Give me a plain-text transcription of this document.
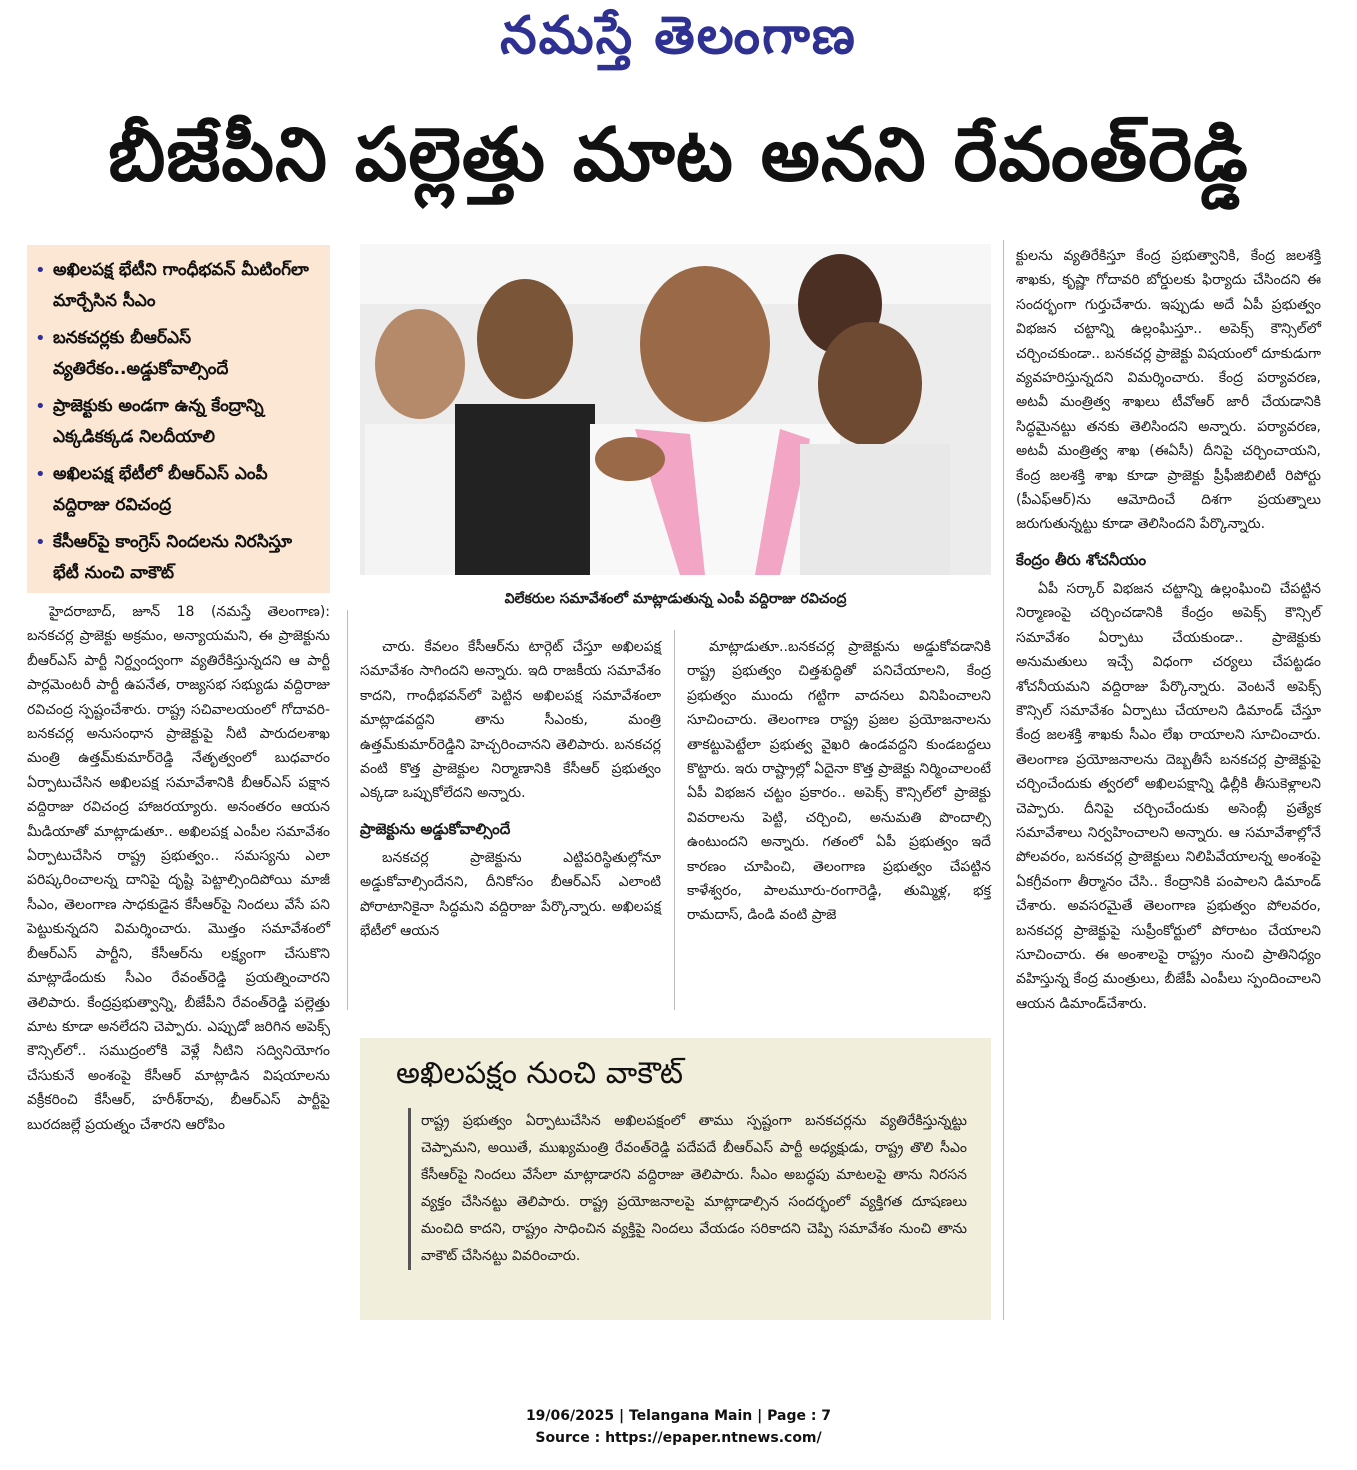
నమస్తే తెలంగాణ
బీజేపీని పల్లెత్తు మాట అనని రేవంత్‌రెడ్డి
• అఖిలపక్ష భేటీని గాంధీభవన్ మీటింగ్‌లా మార్చేసిన సీఎం
• బనకచర్లకు బీఆర్ఎస్ వ్యతిరేకం..అడ్డుకోవాల్సిందే
• ప్రాజెక్టుకు అండగా ఉన్న కేంద్రాన్ని ఎక్కడికక్కడ నిలదీయాలి
• అఖిలపక్ష భేటీలో బీఆర్ఎస్ ఎంపీ వద్దిరాజు రవిచంద్ర
• కేసీఆర్‌పై కాంగ్రెస్ నిందలను నిరసిస్తూ భేటీ నుంచి వాకౌట్
విలేకరుల సమావేశంలో మాట్లాడుతున్న ఎంపీ వద్దిరాజు రవిచంద్ర

హైదరాబాద్, జూన్ 18 (నమస్తే తెలంగాణ): బనకచర్ల ప్రాజెక్టు అక్రమం, అన్యాయమని, ఈ ప్రాజెక్టును బీఆర్ఎస్ పార్టీ నిర్ద్వంద్వంగా వ్యతిరేకిస్తున్నదని ఆ పార్టీ పార్లమెంటరీ పార్టీ ఉపనేత, రాజ్యసభ సభ్యుడు వద్దిరాజు రవిచంద్ర స్పష్టంచేశారు. రాష్ట్ర సచివాలయంలో గోదావరి-బనకచర్ల అనుసంధాన ప్రాజెక్టుపై నీటి పారుదలశాఖ మంత్రి ఉత్తమ్‌కుమార్‌రెడ్డి నేతృత్వంలో బుధవారం ఏర్పాటుచేసిన అఖిలపక్ష సమావేశానికి బీఆర్ఎస్ పక్షాన వద్దిరాజు రవిచంద్ర హాజరయ్యారు. అనంతరం ఆయన మీడియాతో మాట్లాడుతూ.. అఖిలపక్ష ఎంపీల సమావేశం ఏర్పాటుచేసిన రాష్ట్ర ప్రభుత్వం.. సమస్యను ఎలా పరిష్కరించాలన్న దానిపై దృష్టి పెట్టాల్సిందిపోయి మాజీ సీఎం, తెలంగాణ సాధకుడైన కేసీఆర్‌పై నిందలు వేసే పని పెట్టుకున్నదని విమర్శించారు. మొత్తం సమావేశంలో బీఆర్ఎస్ పార్టీని, కేసీఆర్‌ను లక్ష్యంగా చేసుకొని మాట్లాడేందుకు సీఎం రేవంత్‌రెడ్డి ప్రయత్నించారని తెలిపారు. కేంద్రప్రభుత్వాన్ని, బీజేపీని రేవంత్‌రెడ్డి పల్లెత్తు మాట కూడా అనలేదని చెప్పారు. ఎప్పుడో జరిగిన అపెక్స్ కౌన్సిల్‌లో.. సముద్రంలోకి వెళ్లే నీటిని సద్వినియోగం చేసుకునే అంశంపై కేసీఆర్ మాట్లాడిన విషయాలను వక్రీకరించి కేసీఆర్, హరీశ్‌రావు, బీఆర్ఎస్ పార్టీపై బురదజల్లే ప్రయత్నం చేశారని ఆరోపిం

చారు. కేవలం కేసీఆర్‌ను టార్గెట్ చేస్తూ అఖిలపక్ష సమావేశం సాగిందని అన్నారు. ఇది రాజకీయ సమావేశం కాదని, గాంధీభవన్‌లో పెట్టిన అఖిలపక్ష సమావేశంలా మాట్లాడవద్దని తాను సీఎంకు, మంత్రి ఉత్తమ్‌కుమార్‌రెడ్డిని హెచ్చరించానని తెలిపారు. బనకచర్ల వంటి కొత్త ప్రాజెక్టుల నిర్మాణానికి కేసీఆర్ ప్రభుత్వం ఎక్కడా ఒప్పుకోలేదని అన్నారు.

ప్రాజెక్టును అడ్డుకోవాల్సిందే

బనకచర్ల ప్రాజెక్టును ఎట్టిపరిస్థితుల్లోనూ అడ్డుకోవాల్సిందేనని, దీనికోసం బీఆర్ఎస్ ఎలాంటి పోరాటానికైనా సిద్ధమని వద్దిరాజు పేర్కొన్నారు. అఖిలపక్ష భేటీలో ఆయన

మాట్లాడుతూ..బనకచర్ల ప్రాజెక్టును అడ్డుకోవడానికి రాష్ట్ర ప్రభుత్వం చిత్తశుద్ధితో పనిచేయాలని, కేంద్ర ప్రభుత్వం ముందు గట్టిగా వాదనలు వినిపించాలని సూచించారు. తెలంగాణ రాష్ట్ర ప్రజల ప్రయోజనాలను తాకట్టుపెట్టేలా ప్రభుత్వ వైఖరి ఉండవద్దని కుండబద్దలు కొట్టారు. ఇరు రాష్ట్రాల్లో ఏదైనా కొత్త ప్రాజెక్టు నిర్మించాలంటే ఏపీ విభజన చట్టం ప్రకారం.. అపెక్స్ కౌన్సిల్‌లో ప్రాజెక్టు వివరాలను పెట్టి, చర్చించి, అనుమతి పొందాల్సి ఉంటుందని అన్నారు. గతంలో ఏపీ ప్రభుత్వం ఇదే కారణం చూపించి, తెలంగాణ ప్రభుత్వం చేపట్టిన కాళేశ్వరం, పాలమూరు-రంగారెడ్డి, తుమ్మిళ్ల, భక్త రామదాస్, డిండి వంటి ప్రాజె

క్టులను వ్యతిరేకిస్తూ కేంద్ర ప్రభుత్వానికి, కేంద్ర జలశక్తి శాఖకు, కృష్ణా గోదావరి బోర్డులకు ఫిర్యాదు చేసిందని ఈ సందర్భంగా గుర్తుచేశారు. ఇప్పుడు అదే ఏపీ ప్రభుత్వం విభజన చట్టాన్ని ఉల్లంఘిస్తూ.. అపెక్స్ కౌన్సిల్‌లో చర్చించకుండా.. బనకచర్ల ప్రాజెక్టు విషయంలో దూకుడుగా వ్యవహరిస్తున్నదని విమర్శించారు. కేంద్ర పర్యావరణ, అటవీ మంత్రిత్వ శాఖలు టీవోఆర్ జారీ చేయడానికి సిద్ధమైనట్టు తనకు తెలిసిందని అన్నారు. పర్యావరణ, అటవీ మంత్రిత్వ శాఖ (ఈఏసీ) దీనిపై చర్చించాయని, కేంద్ర జలశక్తి శాఖ కూడా ప్రాజెక్టు ప్రీఫీజిబిలిటీ రిపోర్టు (పీఎఫ్ఆర్)ను ఆమోదించే దిశగా ప్రయత్నాలు జరుగుతున్నట్టు కూడా తెలిసిందని పేర్కొన్నారు.

కేంద్రం తీరు శోచనీయం

ఏపీ సర్కార్ విభజన చట్టాన్ని ఉల్లంఘించి చేపట్టిన నిర్మాణంపై చర్చించడానికి కేంద్రం అపెక్స్ కౌన్సిల్ సమావేశం ఏర్పాటు చేయకుండా.. ప్రాజెక్టుకు అనుమతులు ఇచ్చే విధంగా చర్యలు చేపట్టడం శోచనీయమని వద్దిరాజు పేర్కొన్నారు. వెంటనే అపెక్స్ కౌన్సిల్ సమావేశం ఏర్పాటు చేయాలని డిమాండ్ చేస్తూ కేంద్ర జలశక్తి శాఖకు సీఎం లేఖ రాయాలని సూచించారు. తెలంగాణ ప్రయోజనాలను దెబ్బతీసే బనకచర్ల ప్రాజెక్టుపై చర్చించేందుకు త్వరలో అఖిలపక్షాన్ని ఢిల్లీకి తీసుకెళ్లాలని చెప్పారు. దీనిపై చర్చించేందుకు అసెంబ్లీ ప్రత్యేక సమావేశాలు నిర్వహించాలని అన్నారు. ఆ సమావేశాల్లోనే పోలవరం, బనకచర్ల ప్రాజెక్టులు నిలిపివేయాలన్న అంశంపై ఏకగ్రీవంగా తీర్మానం చేసి.. కేంద్రానికి పంపాలని డిమాండ్ చేశారు. అవసరమైతే తెలంగాణ ప్రభుత్వం పోలవరం, బనకచర్ల ప్రాజెక్టుపై సుప్రీంకోర్టులో పోరాటం చేయాలని సూచించారు. ఈ అంశాలపై రాష్ట్రం నుంచి ప్రాతినిధ్యం వహిస్తున్న కేంద్ర మంత్రులు, బీజేపీ ఎంపీలు స్పందించాలని ఆయన డిమాండ్‌చేశారు.

అఖిలపక్షం నుంచి వాకౌట్
రాష్ట్ర ప్రభుత్వం ఏర్పాటుచేసిన అఖిలపక్షంలో తాము స్పష్టంగా బనకచర్లను వ్యతిరేకిస్తున్నట్టు చెప్పామని, అయితే, ముఖ్యమంత్రి రేవంత్‌రెడ్డి పదేపదే బీఆర్ఎస్ పార్టీ అధ్యక్షుడు, రాష్ట్ర తొలి సీఎం కేసీఆర్‌పై నిందలు వేసేలా మాట్లాడారని వద్దిరాజు తెలిపారు. సీఎం అబద్ధపు మాటలపై తాను నిరసన వ్యక్తం చేసినట్టు తెలిపారు. రాష్ట్ర ప్రయోజనాలపై మాట్లాడాల్సిన సందర్భంలో వ్యక్తిగత దూషణలు మంచిది కాదని, రాష్ట్రం సాధించిన వ్యక్తిపై నిందలు వేయడం సరికాదని చెప్పి సమావేశం నుంచి తాను వాకౌట్ చేసినట్టు వివరించారు.
19/06/2025 | Telangana Main | Page : 7
Source : https://epaper.ntnews.com/
